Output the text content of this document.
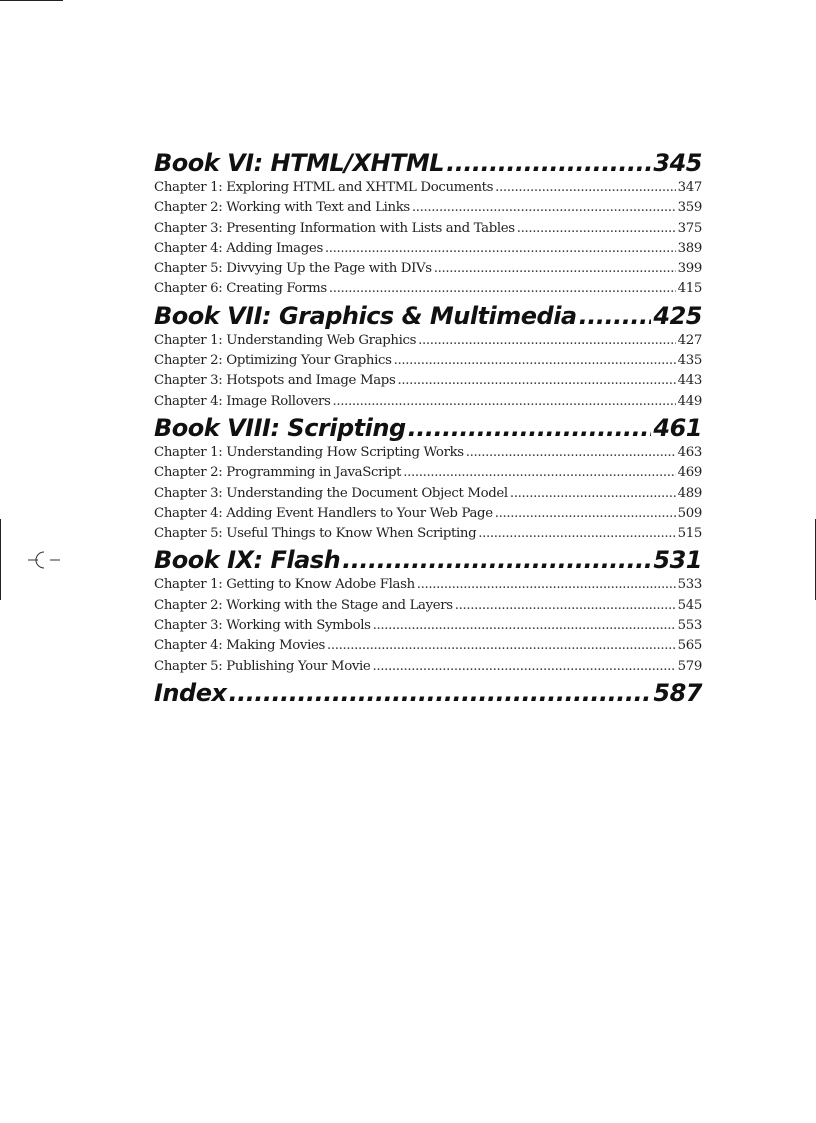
Book VI: HTML/XHTML .....	345
Chapter 1: Exploring HTML and XHTML Documents .....	347
Chapter 2: Working with Text and Links .....	359
Chapter 3: Presenting Information with Lists and Tables .....	375
Chapter 4: Adding Images .....	389
Chapter 5: Divvying Up the Page with DIVs .....	399
Chapter 6: Creating Forms .....	415
Book VII: Graphics & Multimedia .....	425
Chapter 1: Understanding Web Graphics .....	427
Chapter 2: Optimizing Your Graphics .....	435
Chapter 3: Hotspots and Image Maps .....	443
Chapter 4: Image Rollovers .....	449
Book VIII: Scripting .....	461
Chapter 1: Understanding How Scripting Works .....	463
Chapter 2: Programming in JavaScript .....	469
Chapter 3: Understanding the Document Object Model .....	489
Chapter 4: Adding Event Handlers to Your Web Page .....	509
Chapter 5: Useful Things to Know When Scripting .....	515
Book IX: Flash .....	531
Chapter 1: Getting to Know Adobe Flash .....	533
Chapter 2: Working with the Stage and Layers .....	545
Chapter 3: Working with Symbols .....	553
Chapter 4: Making Movies .....	565
Chapter 5: Publishing Your Movie .....	579
Index .....	587
